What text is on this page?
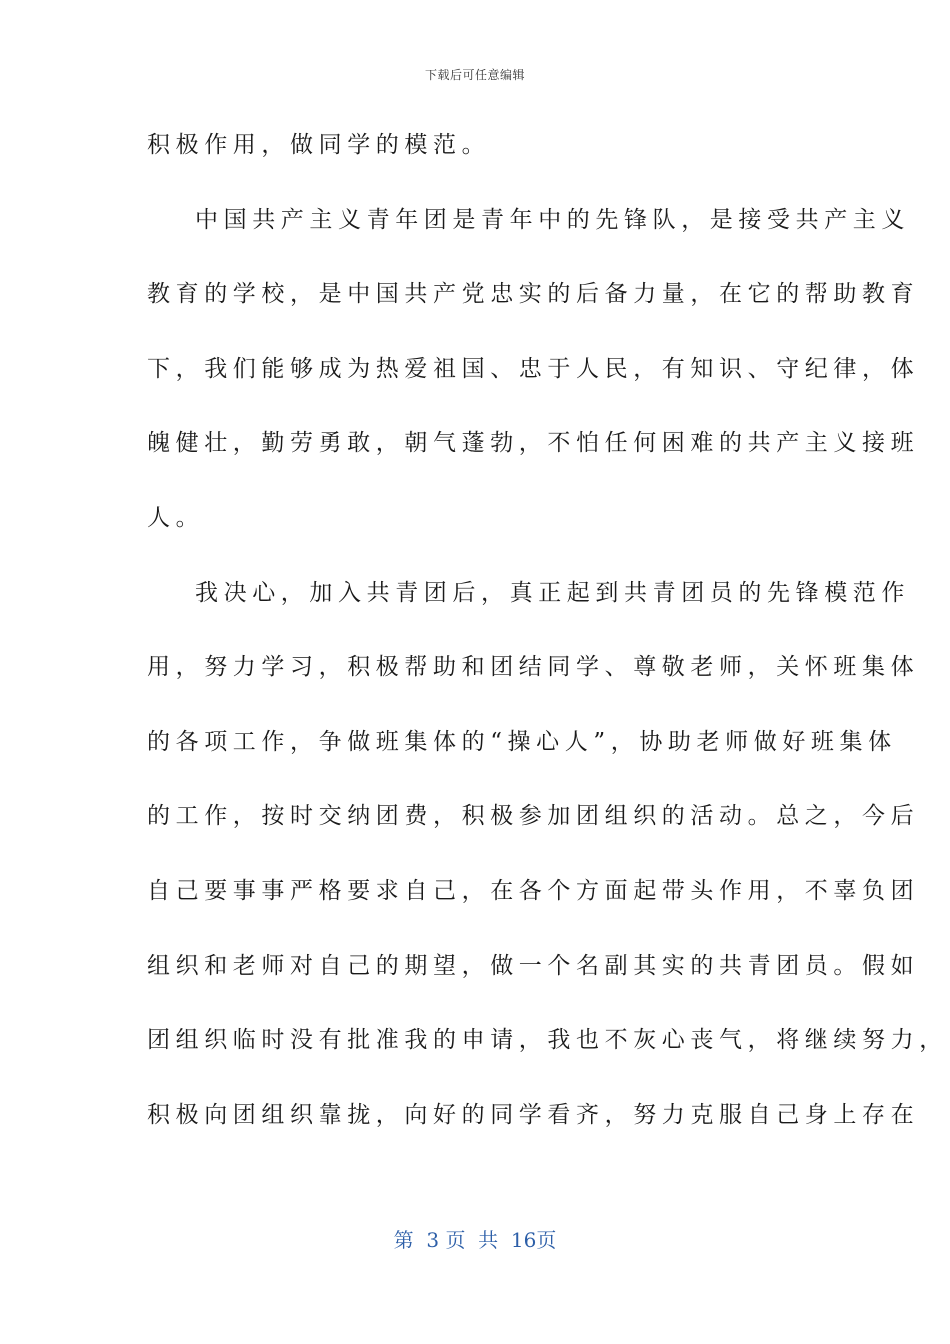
下载后可任意编辑
积极作用，做同学的模范。
中国共产主义青年团是青年中的先锋队，是接受共产主义
教育的学校，是中国共产党忠实的后备力量，在它的帮助教育
下，我们能够成为热爱祖国、忠于人民，有知识、守纪律，体
魄健壮，勤劳勇敢，朝气蓬勃，不怕任何困难的共产主义接班
人。
我决心，加入共青团后，真正起到共青团员的先锋模范作
用，努力学习，积极帮助和团结同学、尊敬老师，关怀班集体
的各项工作，争做班集体的“操心人”，协助老师做好班集体
的工作，按时交纳团费，积极参加团组织的活动。总之，今后
自己要事事严格要求自己，在各个方面起带头作用，不辜负团
组织和老师对自己的期望，做一个名副其实的共青团员。假如
团组织临时没有批准我的申请，我也不灰心丧气，将继续努力，
积极向团组织靠拢，向好的同学看齐，努力克服自己身上存在
第  3 页  共  16页
